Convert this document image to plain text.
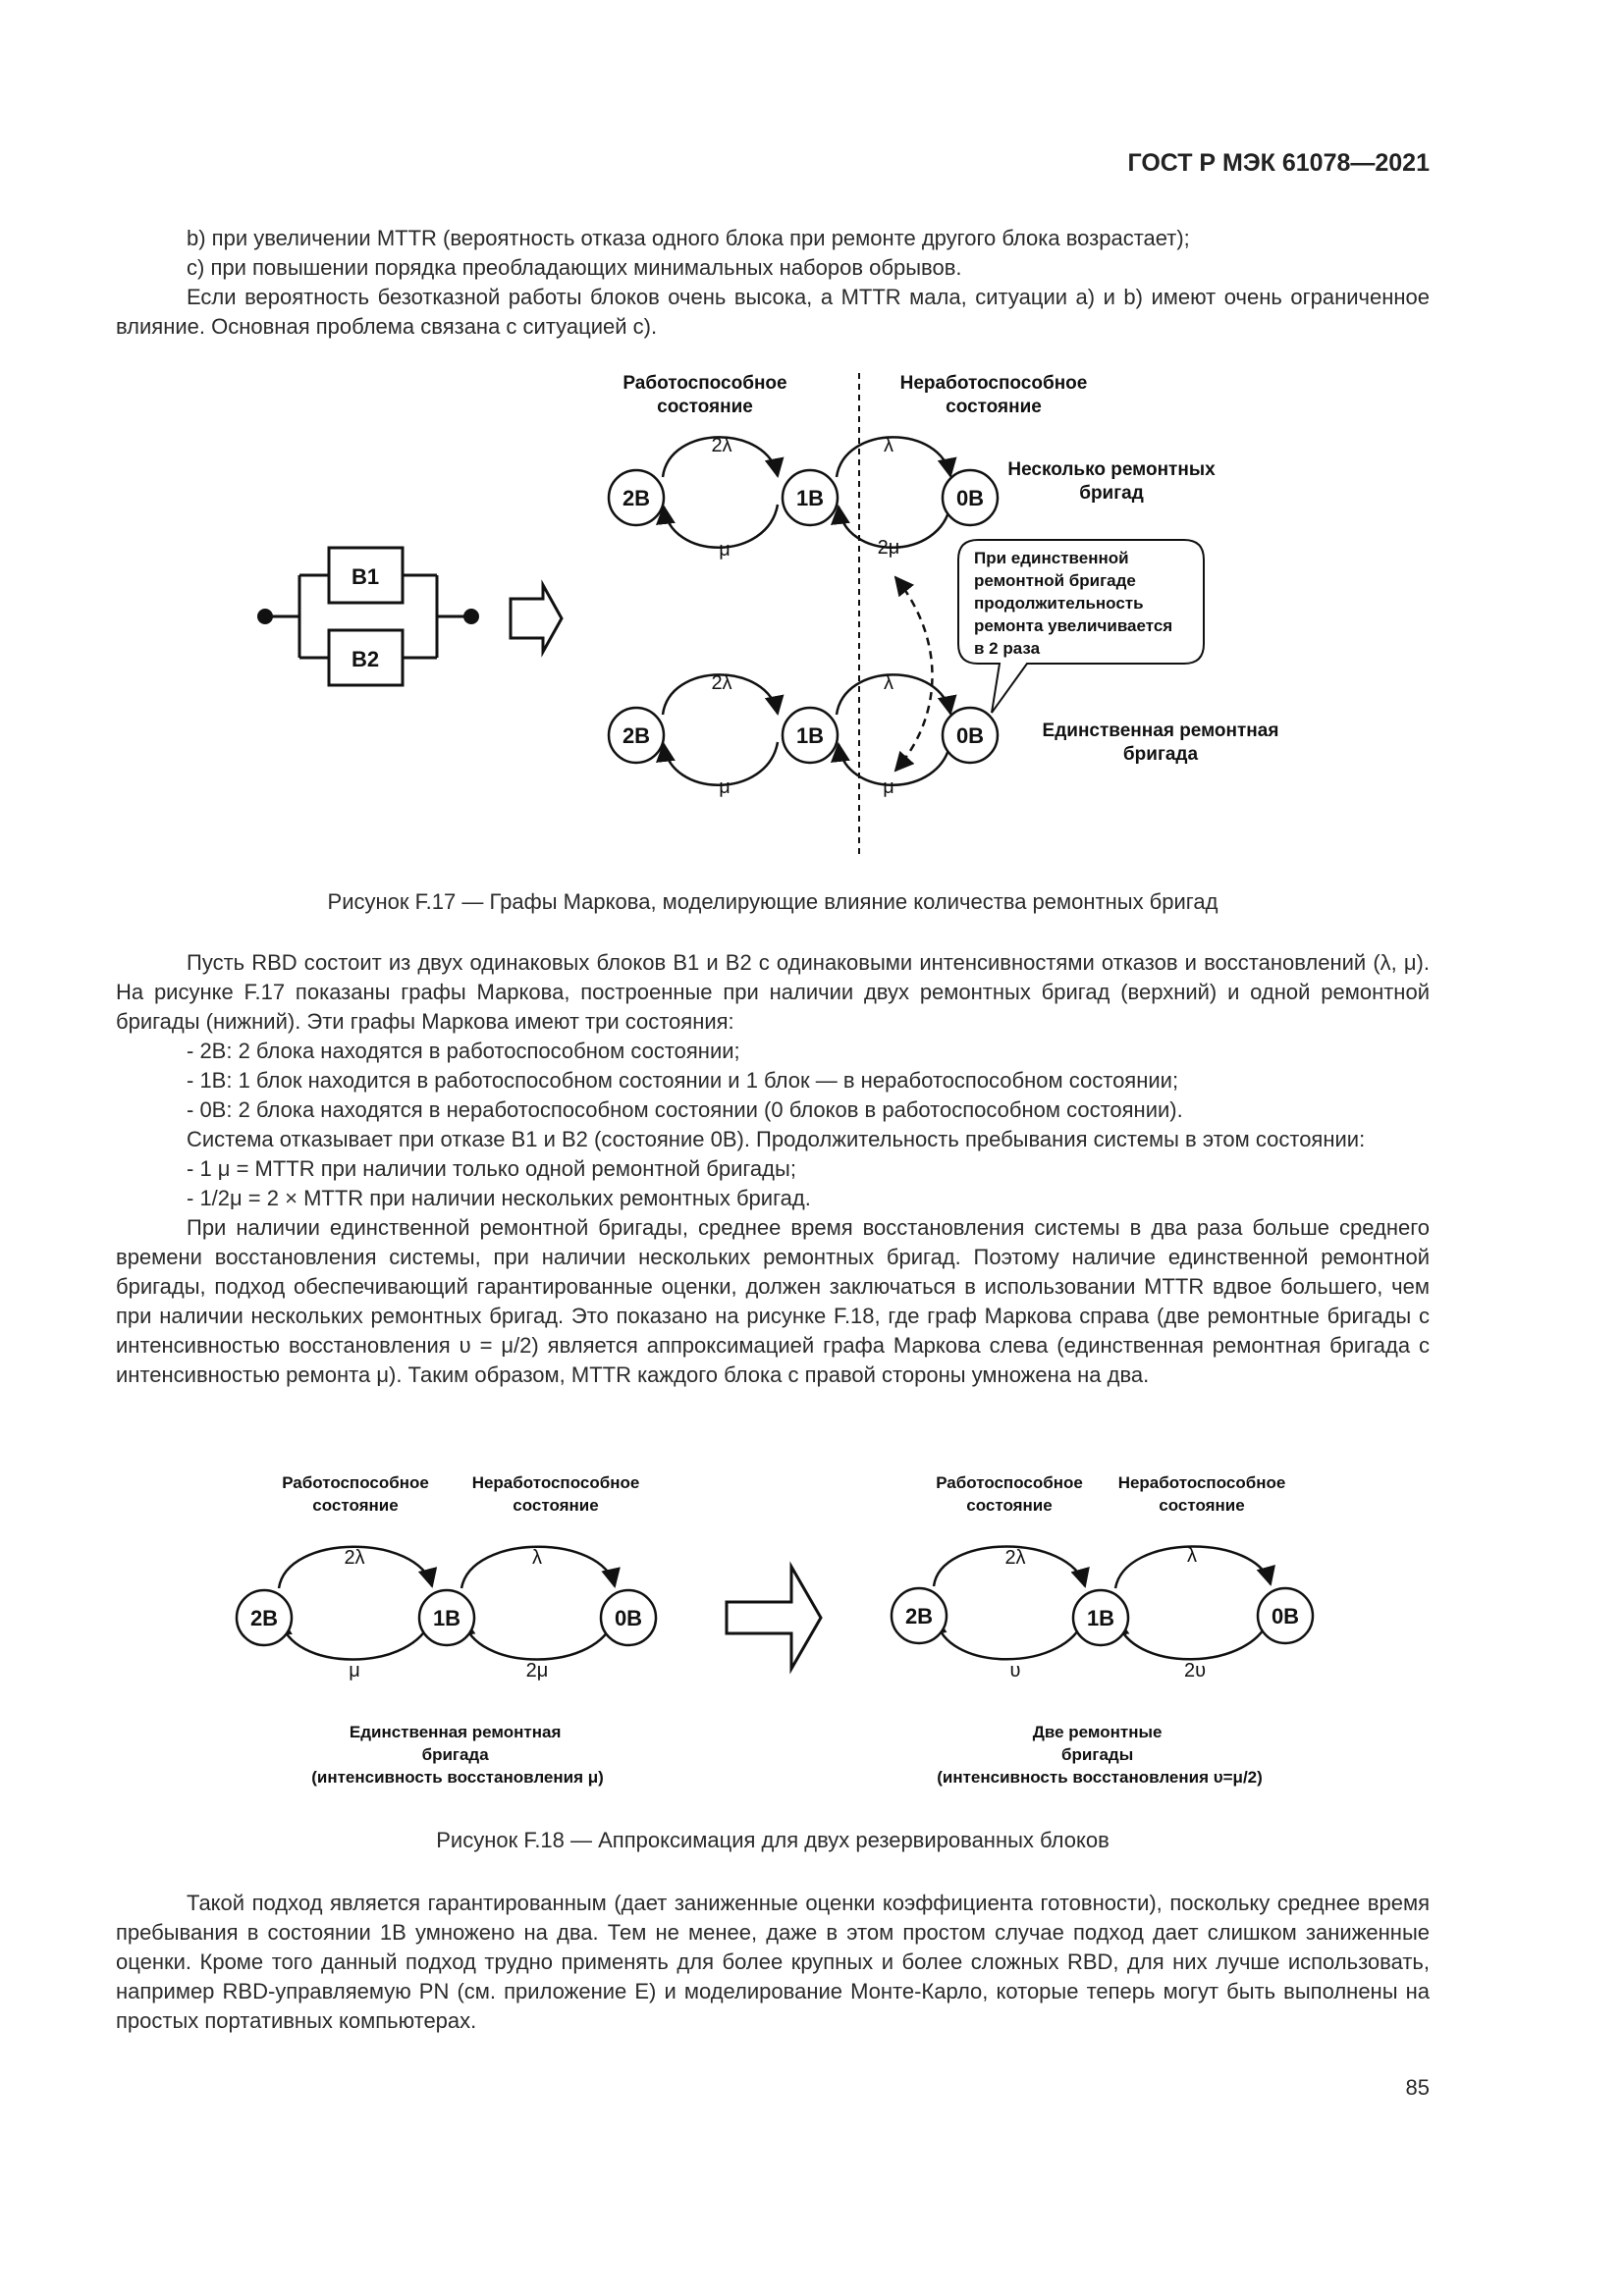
ГОСТ Р МЭК 61078—2021

b) при увеличении MTTR (вероятность отказа одного блока при ремонте другого блока возрастает);

c) при повышении порядка преобладающих минимальных наборов обрывов.

Если вероятность безотказной работы блоков очень высока, а MTTR мала, ситуации a) и b) имеют очень ограниченное влияние. Основная проблема связана с ситуацией c).

B1
B2
Работоспособное состояние
Неработоспособное состояние
Несколько ремонтных бригад
Единственная ремонтная бригада
2B	1B	0B
2λ	λ
μ	2μ
2B	1B	0B
2λ	λ
μ	μ
При единственной ремонтной бригаде продолжительность ремонта увеличивается в 2 раза
Рисунок F.17 — Графы Маркова, моделирующие влияние количества ремонтных бригад

Пусть RBD состоит из двух одинаковых блоков B1 и B2 с одинаковыми интенсивностями отказов и восстановлений (λ, μ). На рисунке F.17 показаны графы Маркова, построенные при наличии двух ремонтных бригад (верхний) и одной ремонтной бригады (нижний). Эти графы Маркова имеют три состояния:

- 2B: 2 блока находятся в работоспособном состоянии;

- 1B: 1 блок находится в работоспособном состоянии и 1 блок — в неработоспособном состоянии;

- 0B: 2 блока находятся в неработоспособном состоянии (0 блоков в работоспособном состоянии).

Система отказывает при отказе B1 и B2 (состояние 0B). Продолжительность пребывания системы в этом состоянии:

- 1 μ = MTTR при наличии только одной ремонтной бригады;

- 1/2μ = 2 × MTTR при наличии нескольких ремонтных бригад.

При наличии единственной ремонтной бригады, среднее время восстановления системы в два раза больше среднего времени восстановления системы, при наличии нескольких ремонтных бригад. Поэтому наличие единственной ремонтной бригады, подход обеспечивающий гарантированные оценки, должен заключаться в использовании MTTR вдвое большего, чем при наличии нескольких ремонтных бригад. Это показано на рисунке F.18, где граф Маркова справа (две ремонтные бригады с интенсивностью восстановления υ = μ/2) является аппроксимацией графа Маркова слева (единственная ремонтная бригада с интенсивностью ремонта μ). Таким образом, MTTR каждого блока с правой стороны умножена на два.

Работоспособное состояние
Неработоспособное состояние
2B	1B	0B
2λ	λ
μ	2μ
Единственная ремонтная бригада (интенсивность восстановления μ)
Работоспособное состояние
Неработоспособное состояние
2B	1B	0B
2λ	λ
υ	2υ
Две ремонтные бригады (интенсивность восстановления υ=μ/2)
Рисунок F.18 — Аппроксимация для двух резервированных блоков

Такой подход является гарантированным (дает заниженные оценки коэффициента готовности), поскольку среднее время пребывания в состоянии 1B умножено на два. Тем не менее, даже в этом простом случае подход дает слишком заниженные оценки. Кроме того данный подход трудно применять для более крупных и более сложных RBD, для них лучше использовать, например RBD-управляемую PN (см. приложение E) и моделирование Монте-Карло, которые теперь могут быть выполнены на простых портативных компьютерах.

85
